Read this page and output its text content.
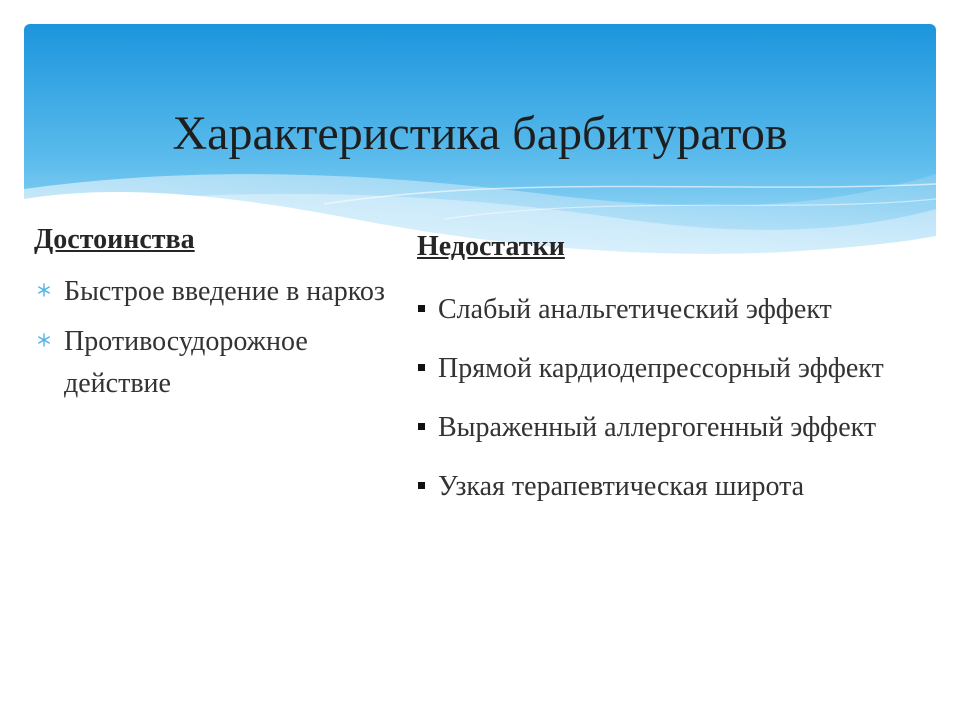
Характеристика барбитуратов
Достоинства
Быстрое введение в наркоз
Противосудорожное действие
Недостатки
Слабый анальгетический эффект
Прямой кардиодепрессорный эффект
Выраженный аллергогенный эффект
Узкая терапевтическая широта
